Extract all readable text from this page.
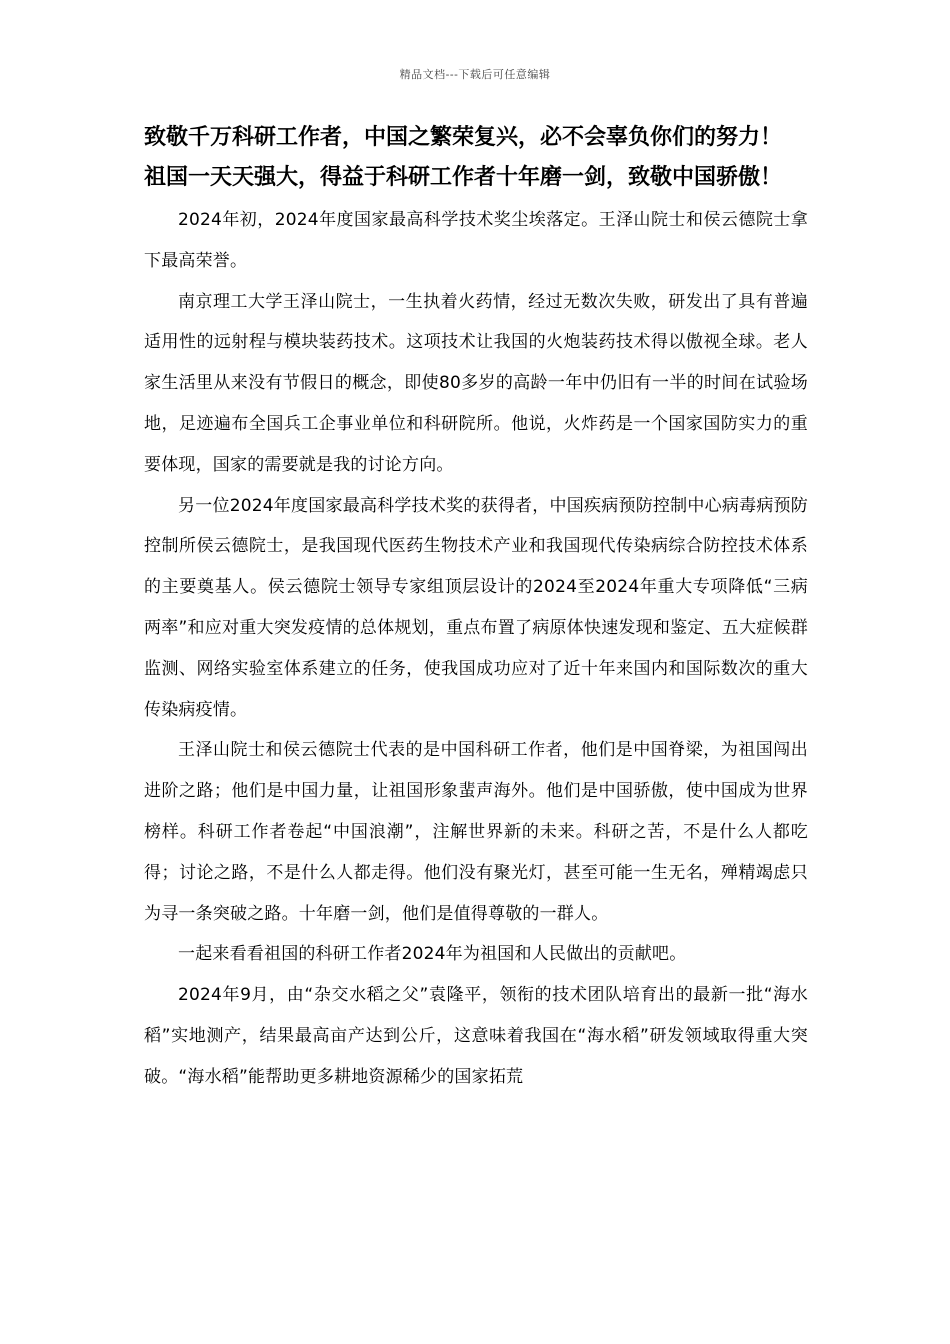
精品文档---下载后可任意编辑
致敬千万科研工作者，中国之繁荣复兴，必不会辜负你们的努力！
祖国一天天强大，得益于科研工作者十年磨一剑，致敬中国骄傲！

2024年初，2024年度国家最高科学技术奖尘埃落定。王泽山院士和侯云德院士拿下最高荣誉。

南京理工大学王泽山院士，一生执着火药情，经过无数次失败，研发出了具有普遍适用性的远射程与模块装药技术。这项技术让我国的火炮装药技术得以傲视全球。老人家生活里从来没有节假日的概念，即使80多岁的高龄一年中仍旧有一半的时间在试验场地，足迹遍布全国兵工企事业单位和科研院所。他说，火炸药是一个国家国防实力的重要体现，国家的需要就是我的讨论方向。

另一位2024年度国家最高科学技术奖的获得者，中国疾病预防控制中心病毒病预防控制所侯云德院士，是我国现代医药生物技术产业和我国现代传染病综合防控技术体系的主要奠基人。侯云德院士领导专家组顶层设计的2024至2024年重大专项降低“三病两率”和应对重大突发疫情的总体规划，重点布置了病原体快速发现和鉴定、五大症候群监测、网络实验室体系建立的任务，使我国成功应对了近十年来国内和国际数次的重大传染病疫情。

王泽山院士和侯云德院士代表的是中国科研工作者，他们是中国脊梁，为祖国闯出进阶之路；他们是中国力量，让祖国形象蜚声海外。他们是中国骄傲，使中国成为世界榜样。科研工作者卷起“中国浪潮”，注解世界新的未来。科研之苦，不是什么人都吃得；讨论之路，不是什么人都走得。他们没有聚光灯，甚至可能一生无名，殚精竭虑只为寻一条突破之路。十年磨一剑，他们是值得尊敬的一群人。

一起来看看祖国的科研工作者2024年为祖国和人民做出的贡献吧。

2024年9月，由“杂交水稻之父”袁隆平，领衔的技术团队培育出的最新一批“海水稻”实地测产，结果最高亩产达到公斤，这意味着我国在“海水稻”研发领域取得重大突破。“海水稻”能帮助更多耕地资源稀少的国家拓荒
